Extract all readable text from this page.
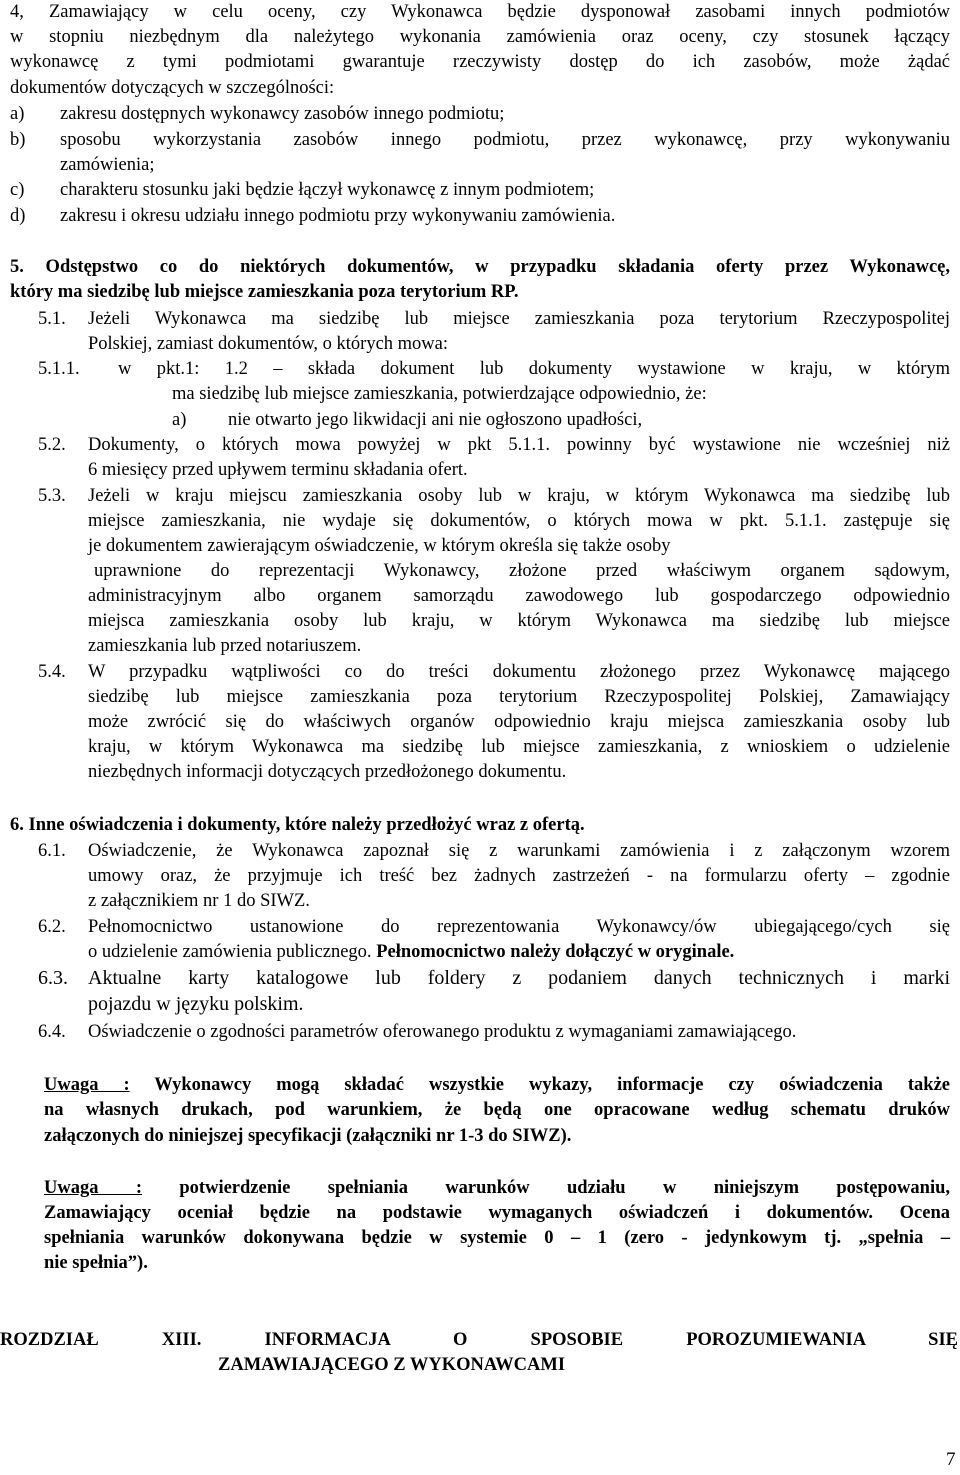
4, Zamawiający w celu oceny, czy Wykonawca będzie dysponował zasobami innych podmiotów
w stopniu niezbędnym dla należytego wykonania zamówienia oraz oceny, czy stosunek łączący
wykonawcę z tymi podmiotami gwarantuje rzeczywisty dostęp do ich zasobów, może żądać
dokumentów dotyczących w szczególności:
a) zakresu dostępnych wykonawcy zasobów innego podmiotu;
b) sposobu wykorzystania zasobów innego podmiotu, przez wykonawcę, przy wykonywaniu
zamówienia;
c) charakteru stosunku jaki będzie łączył wykonawcę z innym podmiotem;
d) zakresu i okresu udziału innego podmiotu przy wykonywaniu zamówienia.
5. Odstępstwo co do niektórych dokumentów, w przypadku składania oferty przez Wykonawcę,
który ma siedzibę lub miejsce zamieszkania poza terytorium RP.
5.1. Jeżeli Wykonawca ma siedzibę lub miejsce zamieszkania poza terytorium Rzeczypospolitej
Polskiej, zamiast dokumentów, o których mowa:
5.1.1. w pkt.1: 1.2 – składa dokument lub dokumenty wystawione w kraju, w którym
ma siedzibę lub miejsce zamieszkania, potwierdzające odpowiednio, że:
a) nie otwarto jego likwidacji ani nie ogłoszono upadłości,
5.2. Dokumenty, o których mowa powyżej w pkt 5.1.1. powinny być wystawione nie wcześniej niż
6 miesięcy przed upływem terminu składania ofert.
5.3. Jeżeli w kraju miejscu zamieszkania osoby lub w kraju, w którym Wykonawca ma siedzibę lub
miejsce zamieszkania, nie wydaje się dokumentów, o których mowa w pkt. 5.1.1. zastępuje się
je dokumentem zawierającym oświadczenie, w którym określa się także osoby
uprawnione do reprezentacji Wykonawcy, złożone przed właściwym organem sądowym,
administracyjnym albo organem samorządu zawodowego lub gospodarczego odpowiednio
miejsca zamieszkania osoby lub kraju, w którym Wykonawca ma siedzibę lub miejsce
zamieszkania lub przed notariuszem.
5.4. W przypadku wątpliwości co do treści dokumentu złożonego przez Wykonawcę mającego
siedzibę lub miejsce zamieszkania poza terytorium Rzeczypospolitej Polskiej, Zamawiający
może zwrócić się do właściwych organów odpowiednio kraju miejsca zamieszkania osoby lub
kraju, w którym Wykonawca ma siedzibę lub miejsce zamieszkania, z wnioskiem o udzielenie
niezbędnych informacji dotyczących przedłożonego dokumentu.
6. Inne oświadczenia i dokumenty, które należy przedłożyć wraz z ofertą.
6.1. Oświadczenie, że Wykonawca zapoznał się z warunkami zamówienia i z załączonym wzorem
umowy oraz, że przyjmuje ich treść bez żadnych zastrzeżeń - na formularzu oferty – zgodnie
z załącznikiem nr 1 do SIWZ.
6.2. Pełnomocnictwo ustanowione do reprezentowania Wykonawcy/ów ubiegającego/cych się
o udzielenie zamówienia publicznego. Pełnomocnictwo należy dołączyć w oryginale.
6.3. Aktualne karty katalogowe lub foldery z podaniem danych technicznych i marki
pojazdu w języku polskim.
6.4. Oświadczenie o zgodności parametrów oferowanego produktu z wymaganiami zamawiającego.
Uwaga : Wykonawcy mogą składać wszystkie wykazy, informacje czy oświadczenia także
na własnych drukach, pod warunkiem, że będą one opracowane według schematu druków
załączonych do niniejszej specyfikacji (załączniki nr 1-3 do SIWZ).
Uwaga : potwierdzenie spełniania warunków udziału w niniejszym postępowaniu,
Zamawiający oceniał będzie na podstawie wymaganych oświadczeń i dokumentów. Ocena
spełniania warunków dokonywana będzie w systemie 0 – 1 (zero - jedynkowym tj. „spełnia –
nie spełnia”).
ROZDZIAŁ XIII. INFORMACJA O SPOSOBIE POROZUMIEWANIA SIĘ
ZAMAWIAJĄCEGO Z WYKONAWCAMI
7
